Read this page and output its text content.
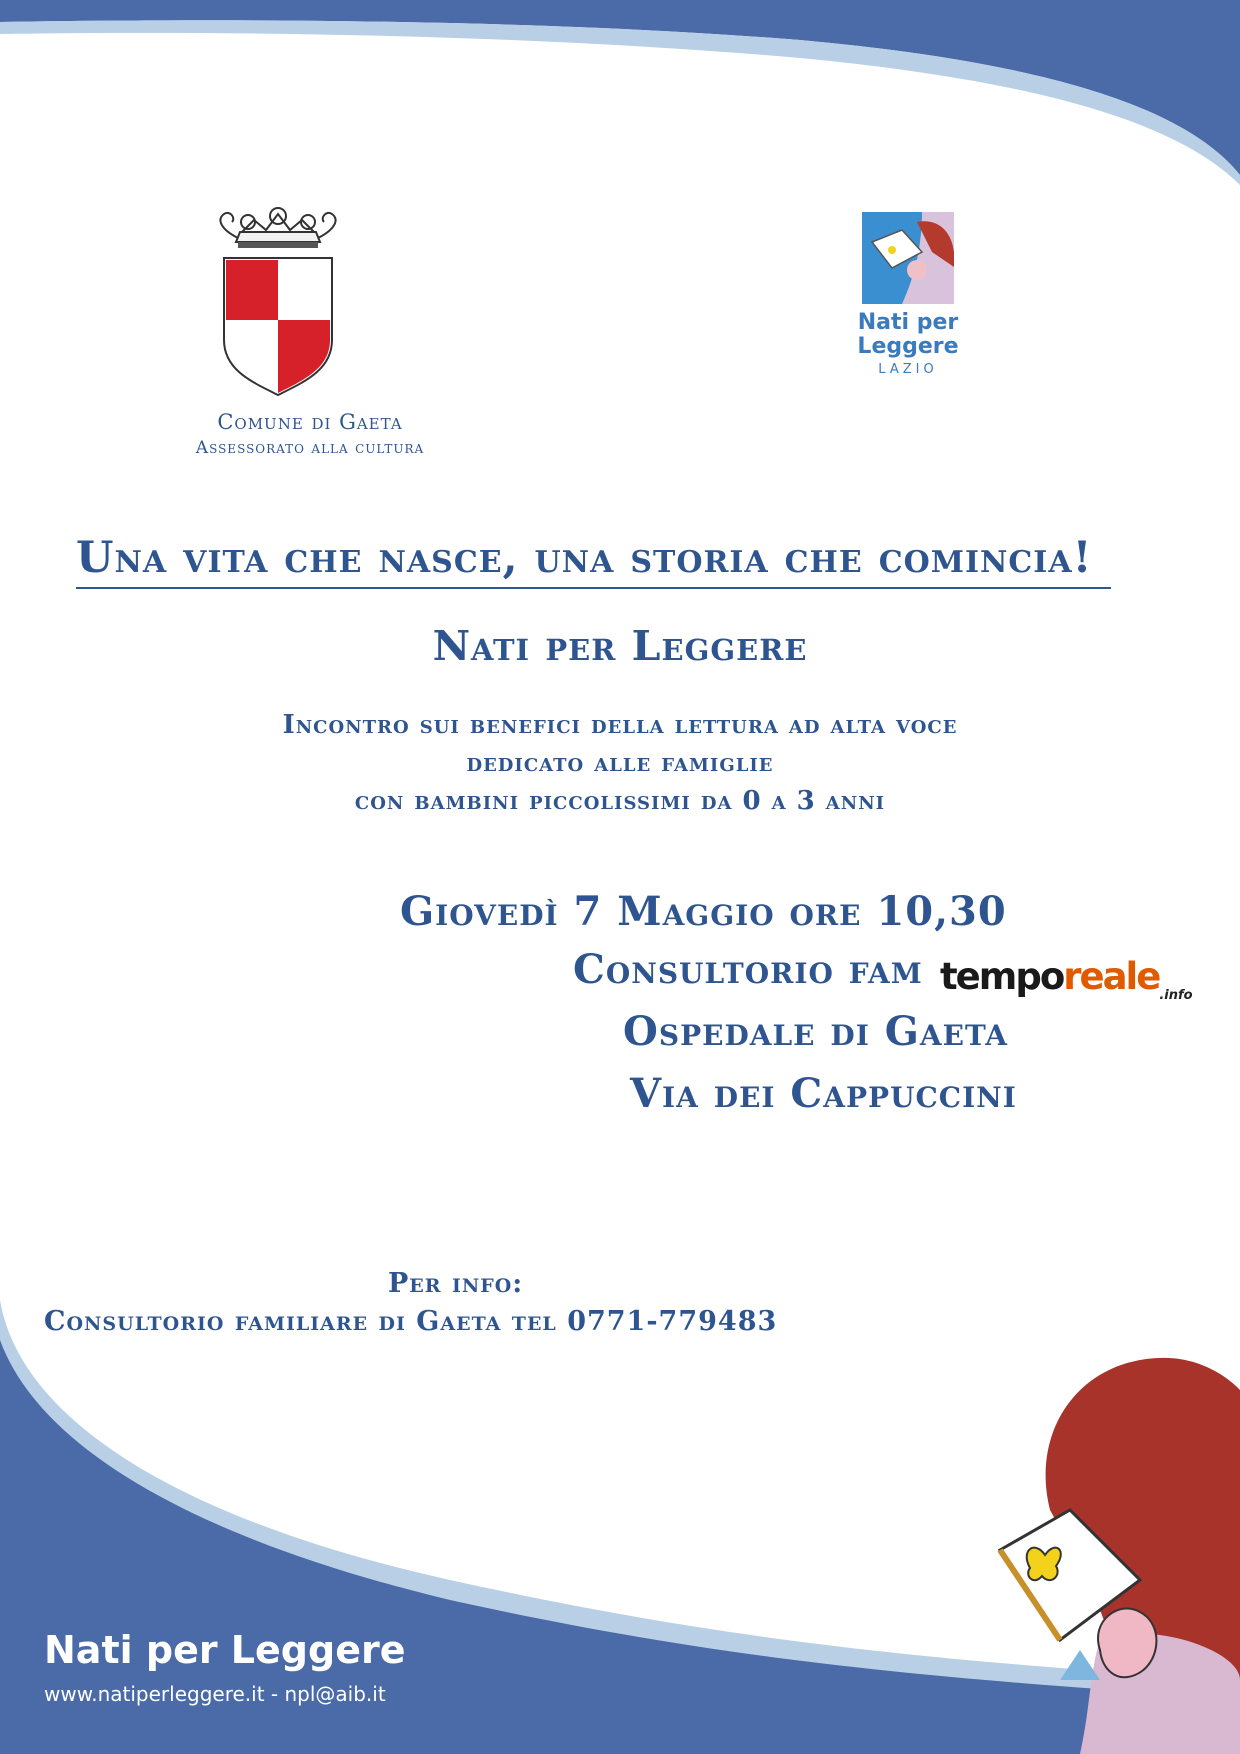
Comune di Gaeta
Assessorato alla cultura
Nati per
Leggere
LAZIO
Una vita che nasce, una storia che comincia!
Nati per Leggere
Incontro sui benefici della lettura ad alta voce
dedicato alle famiglie
con bambini piccolissimi da 0 a 3 anni
Giovedì 7 Maggio ore 10,30
Consultorio fam
Ospedale di Gaeta
Via dei Cappuccini
temporeale$_{.info}$
Per info:
Consultorio familiare di Gaeta tel 0771-779483
Nati per Leggere
www.natiperleggere.it - npl@aib.it
